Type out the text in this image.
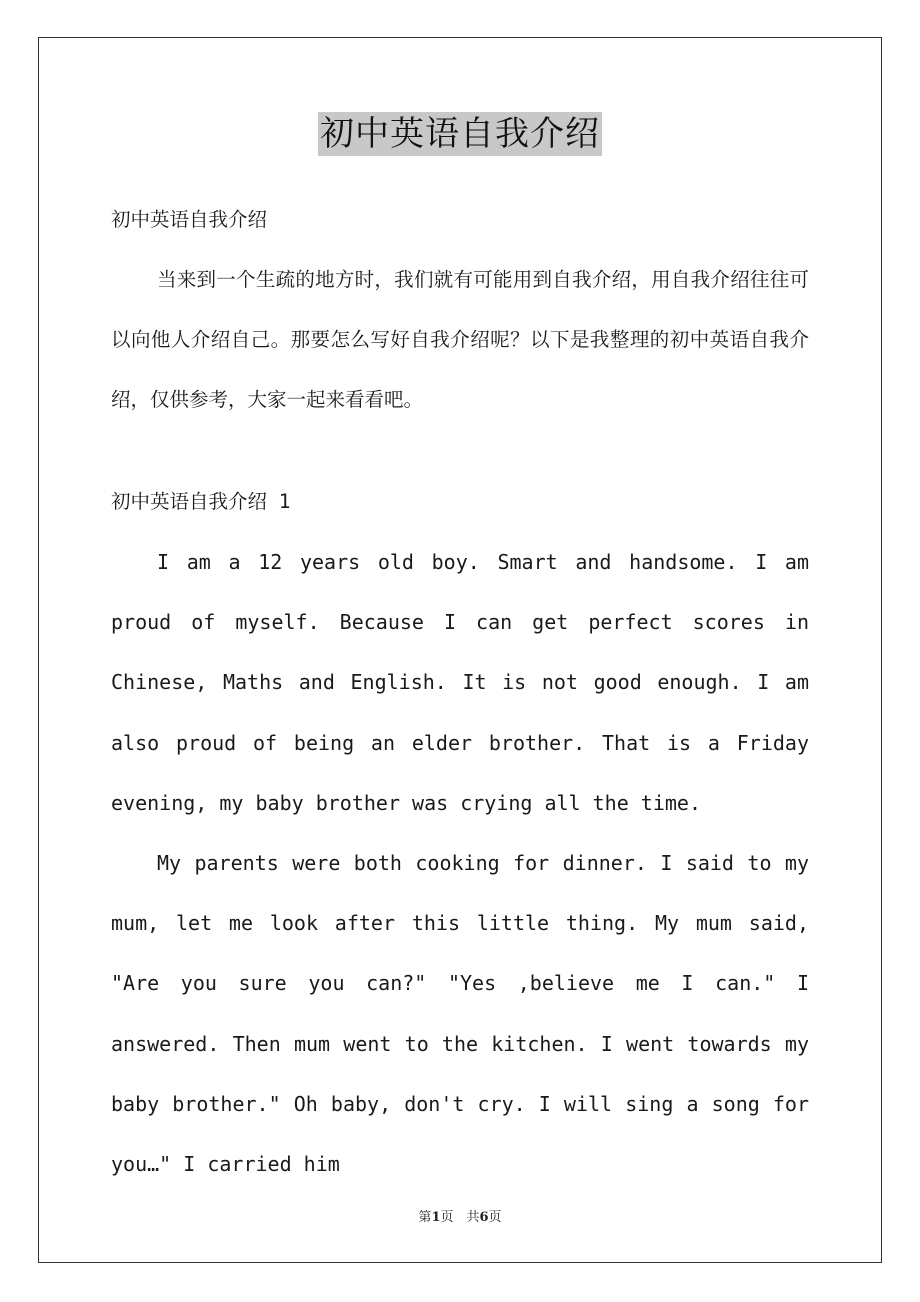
初中英语自我介绍

初中英语自我介绍

当来到一个生疏的地方时，我们就有可能用到自我介绍，用自我介绍往往可以向他人介绍自己。那要怎么写好自我介绍呢？以下是我整理的初中英语自我介绍，仅供参考，大家一起来看看吧。

初中英语自我介绍 1

I am a 12 years old boy. Smart and handsome. I am proud of myself. Because I can get perfect scores in Chinese, Maths and English. It is not good enough. I am also proud of being an elder brother. That is a Friday evening, my baby brother was crying all the time.

My parents were both cooking for dinner. I said to my mum, let me look after this little thing. My mum said, "Are you sure you can?" "Yes ,believe me I can." I answered. Then mum went to the kitchen. I went towards my baby brother." Oh baby, don't cry. I will sing a song for you…" I carried him

第1页　共6页
